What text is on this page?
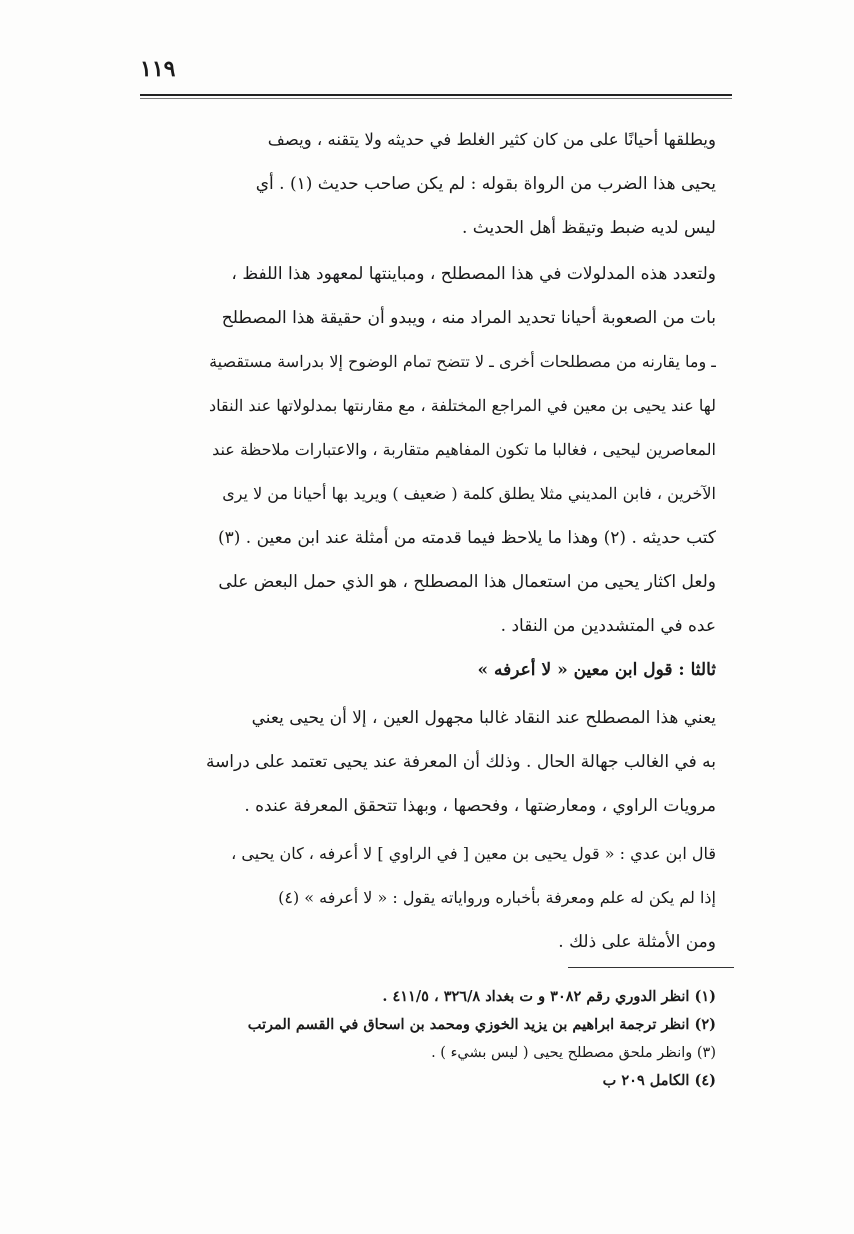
١١٩
ويطلقها أحيانًا على من كان كثير الغلط في حديثه ولا يتقنه ، ويصف
يحيى هذا الضرب من الرواة بقوله : لم يكن صاحب حديث (١) . أي
ليس لديه ضبط وتيقظ أهل الحديث .
ولتعدد هذه المدلولات في هذا المصطلح ، ومباينتها لمعهود هذا اللفظ ،
بات من الصعوبة أحيانا تحديد المراد منه ، ويبدو أن حقيقة هذا المصطلح
ـ وما يقارنه من مصطلحات أخرى ـ لا تتضح تمام الوضوح إلا بدراسة مستقصية
لها عند يحيى بن معين في المراجع المختلفة ، مع مقارنتها بمدلولاتها عند النقاد
المعاصرين ليحيى ، فغالبا ما تكون المفاهيم متقاربة ، والاعتبارات ملاحظة عند
الآخرين ، فابن المديني مثلا يطلق كلمة ( ضعيف ) ويريد بها أحيانا من لا يرى
كتب حديثه . (٢) وهذا ما يلاحظ فيما قدمته من أمثلة عند ابن معين . (٣)
ولعل اكثار يحيى من استعمال هذا المصطلح ، هو الذي حمل البعض على
عده في المتشددين من النقاد .
ثالثا : قول ابن معين « لا أعرفه »
يعني هذا المصطلح عند النقاد غالبا مجهول العين ، إلا أن يحيى يعني
به في الغالب جهالة الحال . وذلك أن المعرفة عند يحيى تعتمد على دراسة
مرويات الراوي ، ومعارضتها ، وفحصها ، وبهذا تتحقق المعرفة عنده .
قال ابن عدي : « قول يحيى بن معين [ في الراوي ] لا أعرفه ، كان يحيى ،
إذا لم يكن له علم ومعرفة بأخباره ورواياته يقول : « لا أعرفه » (٤)
ومن الأمثلة على ذلك .
(١) انظر الدوري رقم ٣٠٨٢ و ت بغداد ٣٢٦/٨ ، ٤١١/٥ .
(٢) انظر ترجمة ابراهيم بن يزيد الخوزي ومحمد بن اسحاق في القسم المرتب
(٣) وانظر ملحق مصطلح يحيى ( ليس بشيء ) .
(٤) الكامل ٢٠٩ ب
